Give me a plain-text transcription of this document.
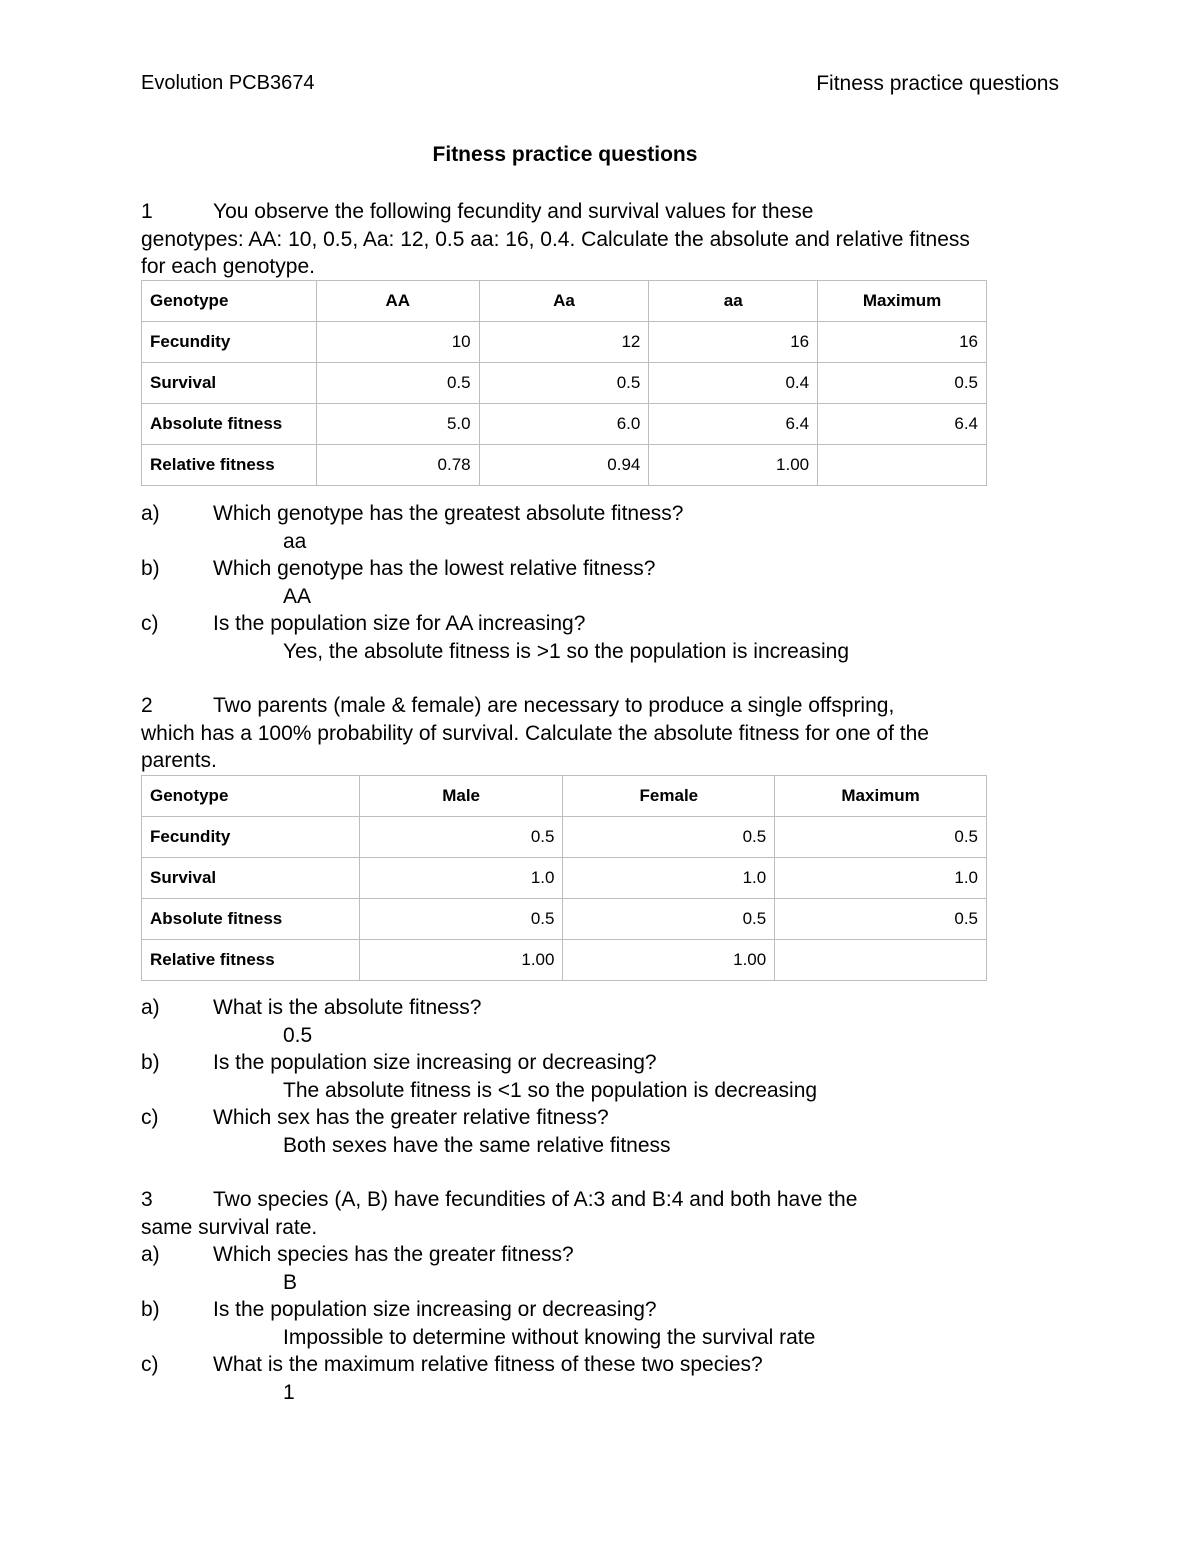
Evolution PCB3674	Fitness practice questions
Fitness practice questions
1	You observe the following fecundity and survival values for these
genotypes: AA: 10, 0.5, Aa: 12, 0.5 aa: 16, 0.4. Calculate the absolute and relative fitness for each genotype.
Genotype	AA	Aa	aa	Maximum
Fecundity	10	12	16	16
Survival	0.5	0.5	0.4	0.5
Absolute fitness	5.0	6.0	6.4	6.4
Relative fitness	0.78	0.94	1.00	
a)	Which genotype has the greatest absolute fitness?
aa
b)	Which genotype has the lowest relative fitness?
AA
c)	Is the population size for AA increasing?
Yes, the absolute fitness is >1 so the population is increasing
2	Two parents (male & female) are necessary to produce a single offspring,
which has a 100% probability of survival. Calculate the absolute fitness for one of the parents.
Genotype	Male	Female	Maximum
Fecundity	0.5	0.5	0.5
Survival	1.0	1.0	1.0
Absolute fitness	0.5	0.5	0.5
Relative fitness	1.00	1.00	
a)	What is the absolute fitness?
0.5
b)	Is the population size increasing or decreasing?
The absolute fitness is <1 so the population is decreasing
c)	Which sex has the greater relative fitness?
Both sexes have the same relative fitness
3	Two species (A, B) have fecundities of A:3 and B:4 and both have the
same survival rate.
a)	Which species has the greater fitness?
B
b)	Is the population size increasing or decreasing?
Impossible to determine without knowing the survival rate
c)	What is the maximum relative fitness of these two species?
1
